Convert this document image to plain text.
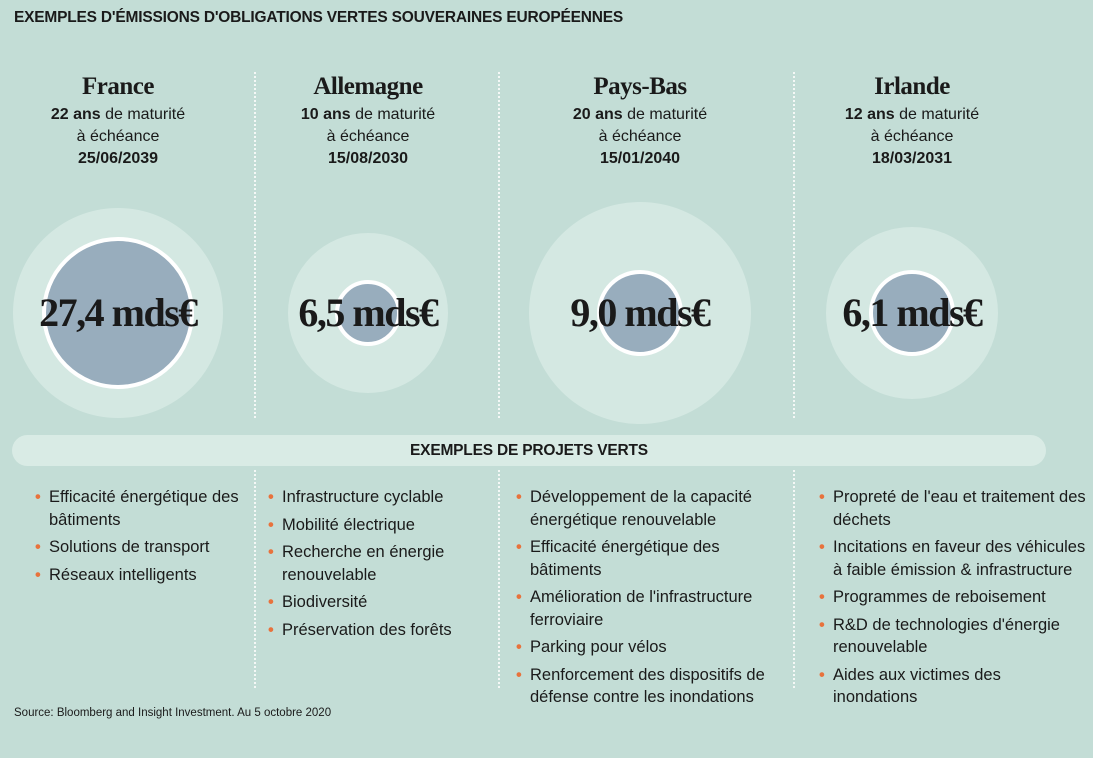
EXEMPLES D'ÉMISSIONS D'OBLIGATIONS VERTES SOUVERAINES EUROPÉENNES
France
22 ans de maturité
à échéance
25/06/2039
Allemagne
10 ans de maturité
à échéance
15/08/2030
Pays-Bas
20 ans de maturité
à échéance
15/01/2040
Irlande
12 ans de maturité
à échéance
18/03/2031
27,4 mds€	6,5 mds€	9,0 mds€	6,1 mds€
EXEMPLES DE PROJETS VERTS
• Efficacité énergétique des bâtiments
• Solutions de transport
• Réseaux intelligents
• Infrastructure cyclable
• Mobilité électrique
• Recherche en énergie renouvelable
• Biodiversité
• Préservation des forêts
• Développement de la capacité énergétique renouvelable
• Efficacité énergétique des bâtiments
• Amélioration de l'infrastructure ferroviaire
• Parking pour vélos
• Renforcement des dispositifs de défense contre les inondations
• Propreté de l'eau et traitement des déchets
• Incitations en faveur des véhicules à faible émission & infrastructure
• Programmes de reboisement
• R&D de technologies d'énergie renouvelable
• Aides aux victimes des inondations
Source: Bloomberg and Insight Investment. Au 5 octobre 2020
